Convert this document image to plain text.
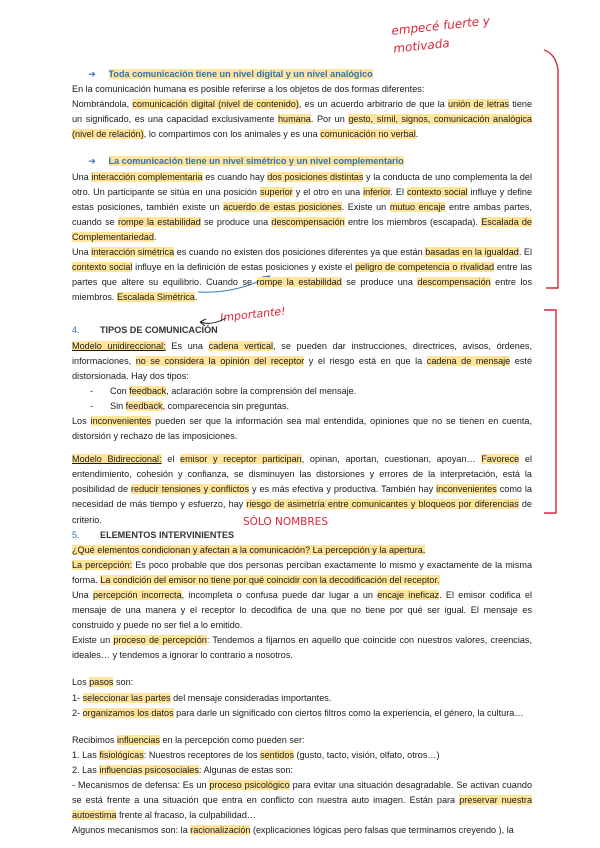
empecé fuerte y motivada
Importante!
SÓLO NOMBRES

➔ Toda comunicación tiene un nivel digital y un nivel analógico

En la comunicación humana es posible referirse a los objetos de dos formas diferentes:

Nombrándola, comunicación digital (nivel de contenido), es un acuerdo arbitrario de que la unión de letras tiene un significado, es una capacidad exclusivamente humana. Por un gesto, símil, signos, comunicación analógica (nivel de relación), lo compartimos con los animales y es una comunicación no verbal.

➔ La comunicación tiene un nivel simétrico y un nivel complementario

Una interacción complementaria es cuando hay dos posiciones distintas y la conducta de uno complementa la del otro. Un participante se sitúa en una posición superior y el otro en una inferior. El contexto social influye y define estas posiciones, también existe un acuerdo de estas posiciones. Existe un mutuo encaje entre ambas partes, cuando se rompe la estabilidad se produce una descompensación entre los miembros (escapada). Escalada de Complementariedad.

Una interacción simétrica es cuando no existen dos posiciones diferentes ya que están basadas en la igualdad. El contexto social influye en la definición de estas posiciones y existe el peligro de competencia o rivalidad entre las partes que altere su equilibrio. Cuando se rompe la estabilidad se produce una descompensación entre los miembros. Escalada Simétrica.

4. TIPOS DE COMUNICACIÓN

Modelo unidireccional: Es una cadena vertical, se pueden dar instrucciones, directrices, avisos, órdenes, informaciones, no se considera la opinión del receptor y el riesgo está en que la cadena de mensaje esté distorsionada. Hay dos tipos:

- Con feedback, aclaración sobre la comprensión del mensaje.

- Sin feedback, comparecencia sin preguntas.

Los inconvenientes pueden ser que la información sea mal entendida, opiniones que no se tienen en cuenta, distorsión y rechazo de las imposiciones.

Modelo Bidireccional: el emisor y receptor participan, opinan, aportan, cuestionan, apoyan… Favorece el entendimiento, cohesión y confianza, se disminuyen las distorsiones y errores de la interpretación, está la posibilidad de reducir tensiones y conflictos y es más efectiva y productiva. También hay inconvenientes como la necesidad de más tiempo y esfuerzo, hay riesgo de asimetría entre comunicantes y bloqueos por diferencias de criterio.

5. ELEMENTOS INTERVINIENTES

¿Qué elementos condicionan y afectan a la comunicación? La percepción y la apertura.

La percepción: Es poco probable que dos personas perciban exactamente lo mismo y exactamente de la misma forma. La condición del emisor no tiene por qué coincidir con la decodificación del receptor.

Una percepción incorrecta, incompleta o confusa puede dar lugar a un encaje ineficaz. El emisor codifica el mensaje de una manera y el receptor lo decodifica de una que no tiene por qué ser igual. El mensaje es construido y puede no ser fiel a lo emitido.

Existe un proceso de percepción: Tendemos a fijarnos en aquello que coincide con nuestros valores, creencias, ideales… y tendemos a ignorar lo contrario a nosotros.

Los pasos son:

1- seleccionar las partes del mensaje consideradas importantes.

2- organizamos los datos para darle un significado con ciertos filtros como la experiencia, el género, la cultura…

Recibimos influencias en la percepción como pueden ser:

1. Las fisiológicas: Nuestros receptores de los sentidos (gusto, tacto, visión, olfato, otros…)

2. Las influencias psicosociales: Algunas de estas son:

- Mecanismos de defensa: Es un proceso psicológico para evitar una situación desagradable. Se activan cuando se está frente a una situación que entra en conflicto con nuestra auto imagen. Están para preservar nuestra autoestima frente al fracaso, la culpabilidad…

Algunos mecanismos son: la racionalización (explicaciones lógicas pero falsas que terminamos creyendo ), la
